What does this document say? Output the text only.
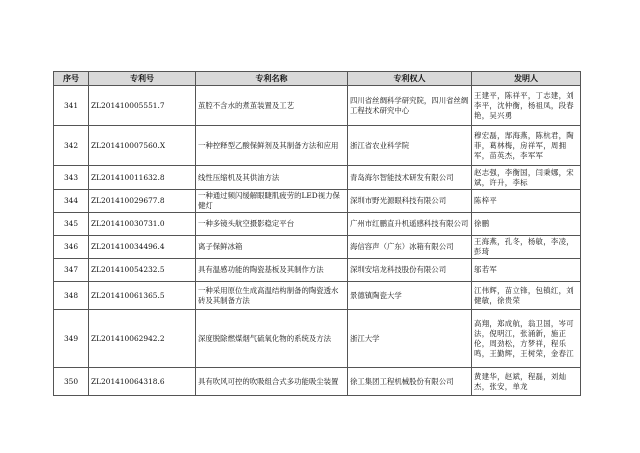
序号	专利号	专利名称	专利权人	发明人
341	ZL201410005551.7	茧腔不含水的煮茧装置及工艺	四川省丝绸科学研究院，四川省丝绸工程技术研究中心	王建平，陈祥平，丁志建，刘李平，沈仲衡，杨祖凤，段春艳，吴兴勇
342	ZL201410007560.X	一种控释型乙酸保鲜剂及其制备方法和应用	浙江省农业科学院	穆宏磊，郜海燕，陈杭君，陶菲，葛林梅，房祥军，周拥军，苗英杰，李军军
343	ZL201410011632.8	线性压缩机及其供油方法	青岛海尔智能技术研发有限公司	赵志强，李衡国，闫秉娜，宋斌，许升，李标
344	ZL201410029677.8	一种通过频闪缓解眼睫肌疲劳的LED视力保健灯	深圳市野光源眼科技有限公司	陈梓平
345	ZL201410030731.0	一种多镜头航空摄影稳定平台	广州市红鹏直升机遥感科技有限公司	徐鹏
346	ZL201410034496.4	离子保鲜冰箱	海信容声（广东）冰箱有限公司	王海燕，孔冬，杨敏，李凌，彭琦
347	ZL201410054232.5	具有温感功能的陶瓷基板及其制作方法	深圳安培龙科技股份有限公司	邬若军
348	ZL201410061365.5	一种采用原位生成高温结构制备的陶瓷透水砖及其制备方法	景德镇陶瓷大学	江伟辉，苗立锋，包镇红，刘健敏，徐贵荣
349	ZL201410062942.2	深度脱除燃煤烟气硫氧化物的系统及方法	浙江大学	高翔，郑成航，翁卫国，岑可法，倪明江，张涌新，施正伦，周劲松，方梦祥，程乐鸣，王勤辉，王树荣，金春江
350	ZL201410064318.6	具有吹风可控的吹吸组合式多功能吸尘装置	徐工集团工程机械股份有限公司	黄建华，赵斌，程磊，刘灿杰，张安，单龙
